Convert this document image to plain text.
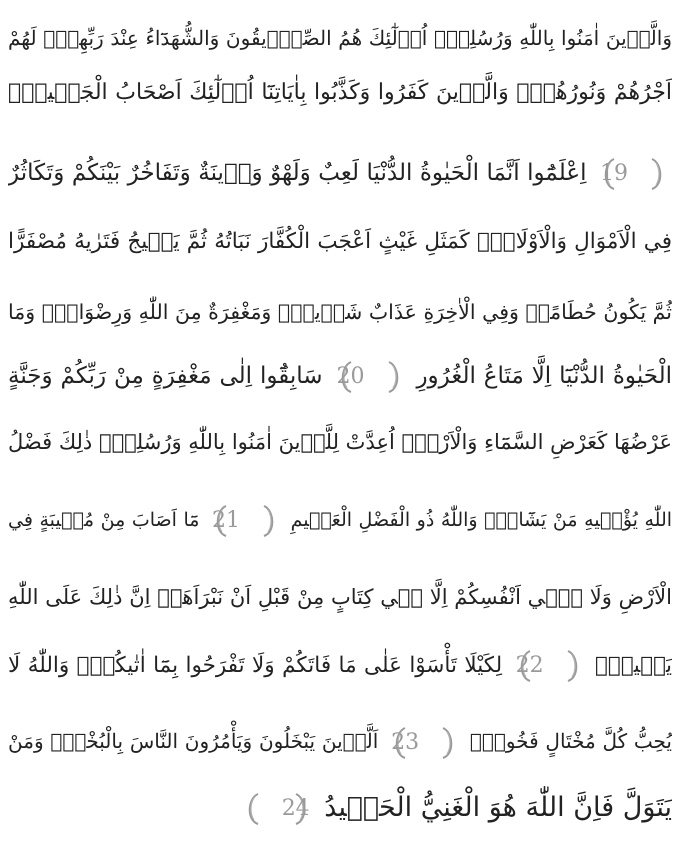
وَالَّذ۪ينَ اٰمَنُوا بِاللّٰهِ وَرُسُلِه۪ٓ اُو۬لٰٓئِكَ هُمُ الصِّدّ۪يقُونَ وَالشُّهَدَٓاءُ عِنْدَ رَبِّهِمْۜ لَهُمْ
اَجْرُهُمْ وَنُورُهُمْۜ وَالَّذ۪ينَ كَفَرُوا وَكَذَّبُوا بِاٰيَاتِنَٓا اُو۬لٰٓئِكَ اَصْحَابُ الْجَح۪يمِ۟
19
اِعْلَمُٓوا اَنَّمَا الْحَيٰوةُ الدُّنْيَا لَعِبٌ وَلَهْوٌ وَز۪ينَةٌ وَتَفَاخُرٌ بَيْنَكُمْ وَتَكَاثُرٌ
فِي الْاَمْوَالِ وَالْاَوْلَادِۜ كَمَثَلِ غَيْثٍ اَعْجَبَ الْكُفَّارَ نَبَاتُهُ ثُمَّ يَه۪يجُ فَتَرٰيهُ مُصْفَرًّا
ثُمَّ يَكُونُ حُطَامًاۜ وَفِي الْاٰخِرَةِ عَذَابٌ شَد۪يدٌۙ وَمَغْفِرَةٌ مِنَ اللّٰهِ وَرِضْوَانٌۜ وَمَا
الْحَيٰوةُ الدُّنْيَٓا اِلَّا مَتَاعُ الْغُرُورِ
20
سَابِقُٓوا اِلٰى مَغْفِرَةٍ مِنْ رَبِّكُمْ وَجَنَّةٍ
عَرْضُهَا كَعَرْضِ السَّمَٓاءِ وَالْاَرْضِۙ اُعِدَّتْ لِلَّذ۪ينَ اٰمَنُوا بِاللّٰهِ وَرُسُلِه۪ۜ ذٰلِكَ فَضْلُ
اللّٰهِ يُؤْت۪يهِ مَنْ يَشَٓاءُۜ وَاللّٰهُ ذُو الْفَضْلِ الْعَظ۪يمِ
21
مَٓا اَصَابَ مِنْ مُص۪يبَةٍ فِي
الْاَرْضِ وَلَا ف۪ٓي اَنْفُسِكُمْ اِلَّا ف۪ي كِتَابٍ مِنْ قَبْلِ اَنْ نَبْرَاَهَاۜ اِنَّ ذٰلِكَ عَلَى اللّٰهِ
يَس۪يرٌۚ
22
لِكَيْلَا تَأْسَوْا عَلٰى مَا فَاتَكُمْ وَلَا تَفْرَحُوا بِمَٓا اٰتٰيكُمْۜ وَاللّٰهُ لَا
يُحِبُّ كُلَّ مُخْتَالٍ فَخُورٍۙ
23
اَلَّذ۪ينَ يَبْخَلُونَ وَيَأْمُرُونَ النَّاسَ بِالْبُخْلِۜ وَمَنْ
يَتَوَلَّ فَاِنَّ اللّٰهَ هُوَ الْغَنِيُّ الْحَم۪يدُ
24
